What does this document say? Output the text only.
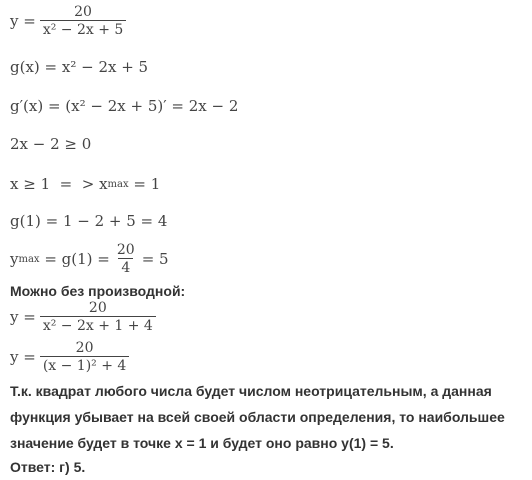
$y = \frac{20}{\text{x² − 2x + 5}}$
g(x) = x² − 2x + 5
g′(x) = (x² − 2x + 5)′ = 2x − 2
2x − 2 ≥ 0
x ≥ 1  =  > x max = 1
g(1) = 1 − 2 + 5 = 4
y $\max = g(1) = \frac{20}{4} = 5$
Можно без производной:
$y = \frac{20}{\text{x² − 2x + 1 + 4}}$
$y = \frac{20}{\text{(x − 1)² + 4}}$
Т.к. квадрат любого числа будет числом неотрицательным, а данная
функция убывает на всей своей области определения, то наибольшее
значение будет в точке x = 1 и будет оно равно y(1) = 5.
Ответ: г) 5.
